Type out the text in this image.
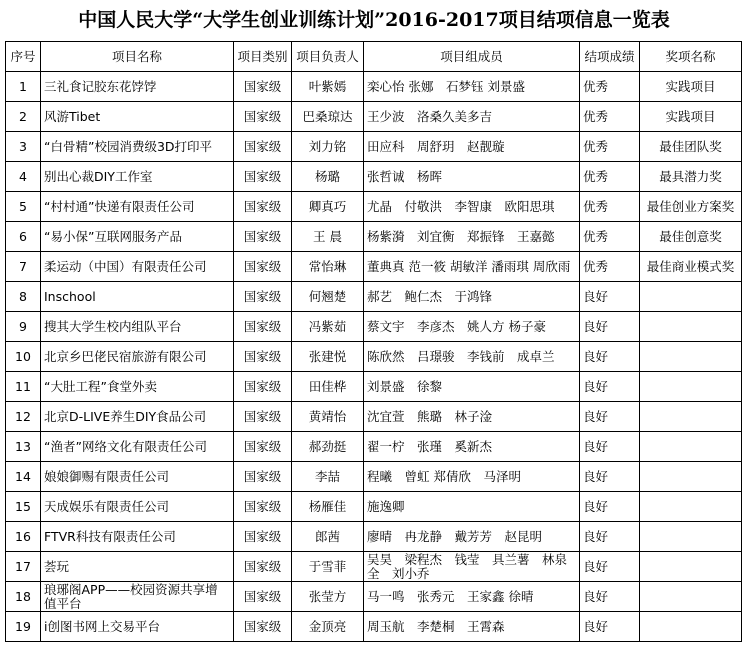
中国人民大学“大学生创业训练计划”2016-2017项目结项信息一览表
序号	项目名称	项目类别	项目负责人	项目组成员	结项成绩	奖项名称
1	三礼食记胶东花饽饽	国家级	叶紫嫣	栾心怡 张娜　石梦钰 刘景盛	优秀	实践项目
2	风游Tibet	国家级	巴桑琼达	王少波　洛桑久美多吉	优秀	实践项目
3	“白骨精”校园消费级3D打印平	国家级	刘力铭	田应科　周舒玥　赵靓璇	优秀	最佳团队奖
4	别出心裁DIY工作室	国家级	杨璐	张哲诚　杨晖	优秀	最具潜力奖
5	“村村通”快递有限责任公司	国家级	卿真巧	尤晶　付敬洪　李智康　欧阳思琪	优秀	最佳创业方案奖
6	“易小保”互联网服务产品	国家级	王 晨	杨紫漪　刘宜衡　郑振锋　王嘉懿	优秀	最佳创意奖
7	柔运动（中国）有限责任公司	国家级	常怡琳	董典真 范一筱 胡敏洋 潘雨琪 周欣雨	优秀	最佳商业模式奖
8	Inschool	国家级	何翘楚	郝艺　鲍仁杰　于鸿锋	良好	
9	搜其大学生校内组队平台	国家级	冯紫茹	蔡文宇　李彦杰　姚人方 杨子豪	良好	
10	北京乡巴佬民宿旅游有限公司	国家级	张建悦	陈欣然　吕璟骏　李钱前　成卓兰	良好	
11	“大肚工程”食堂外卖	国家级	田佳桦	刘景盛　徐黎	良好	
12	北京D-LIVE养生DIY食品公司	国家级	黄靖怡	沈宜萱　熊璐　林子淦	良好	
13	“渔者”网络文化有限责任公司	国家级	郝劲挺	翟一柠　张瑾　奚新杰	良好	
14	娘娘御赐有限责任公司	国家级	李喆	程曦　曾虹 郑倩欣　马泽明	良好	
15	天成娱乐有限责任公司	国家级	杨雁佳	施逸卿	良好	
16	FTVR科技有限责任公司	国家级	郎茜	廖晴　冉龙静　戴芳芳　赵昆明	良好	
17	荟玩	国家级	于雪菲	吴昊　梁程杰　钱莹　具兰薯　林泉全　刘小乔	良好	
18	琅琊阁APP——校园资源共享增值平台	国家级	张莹方	马一鸣　张秀元　王家鑫 徐晴	良好	
19	i创图书网上交易平台	国家级	金顶亮	周玉航　李楚桐　王霄森	良好	
